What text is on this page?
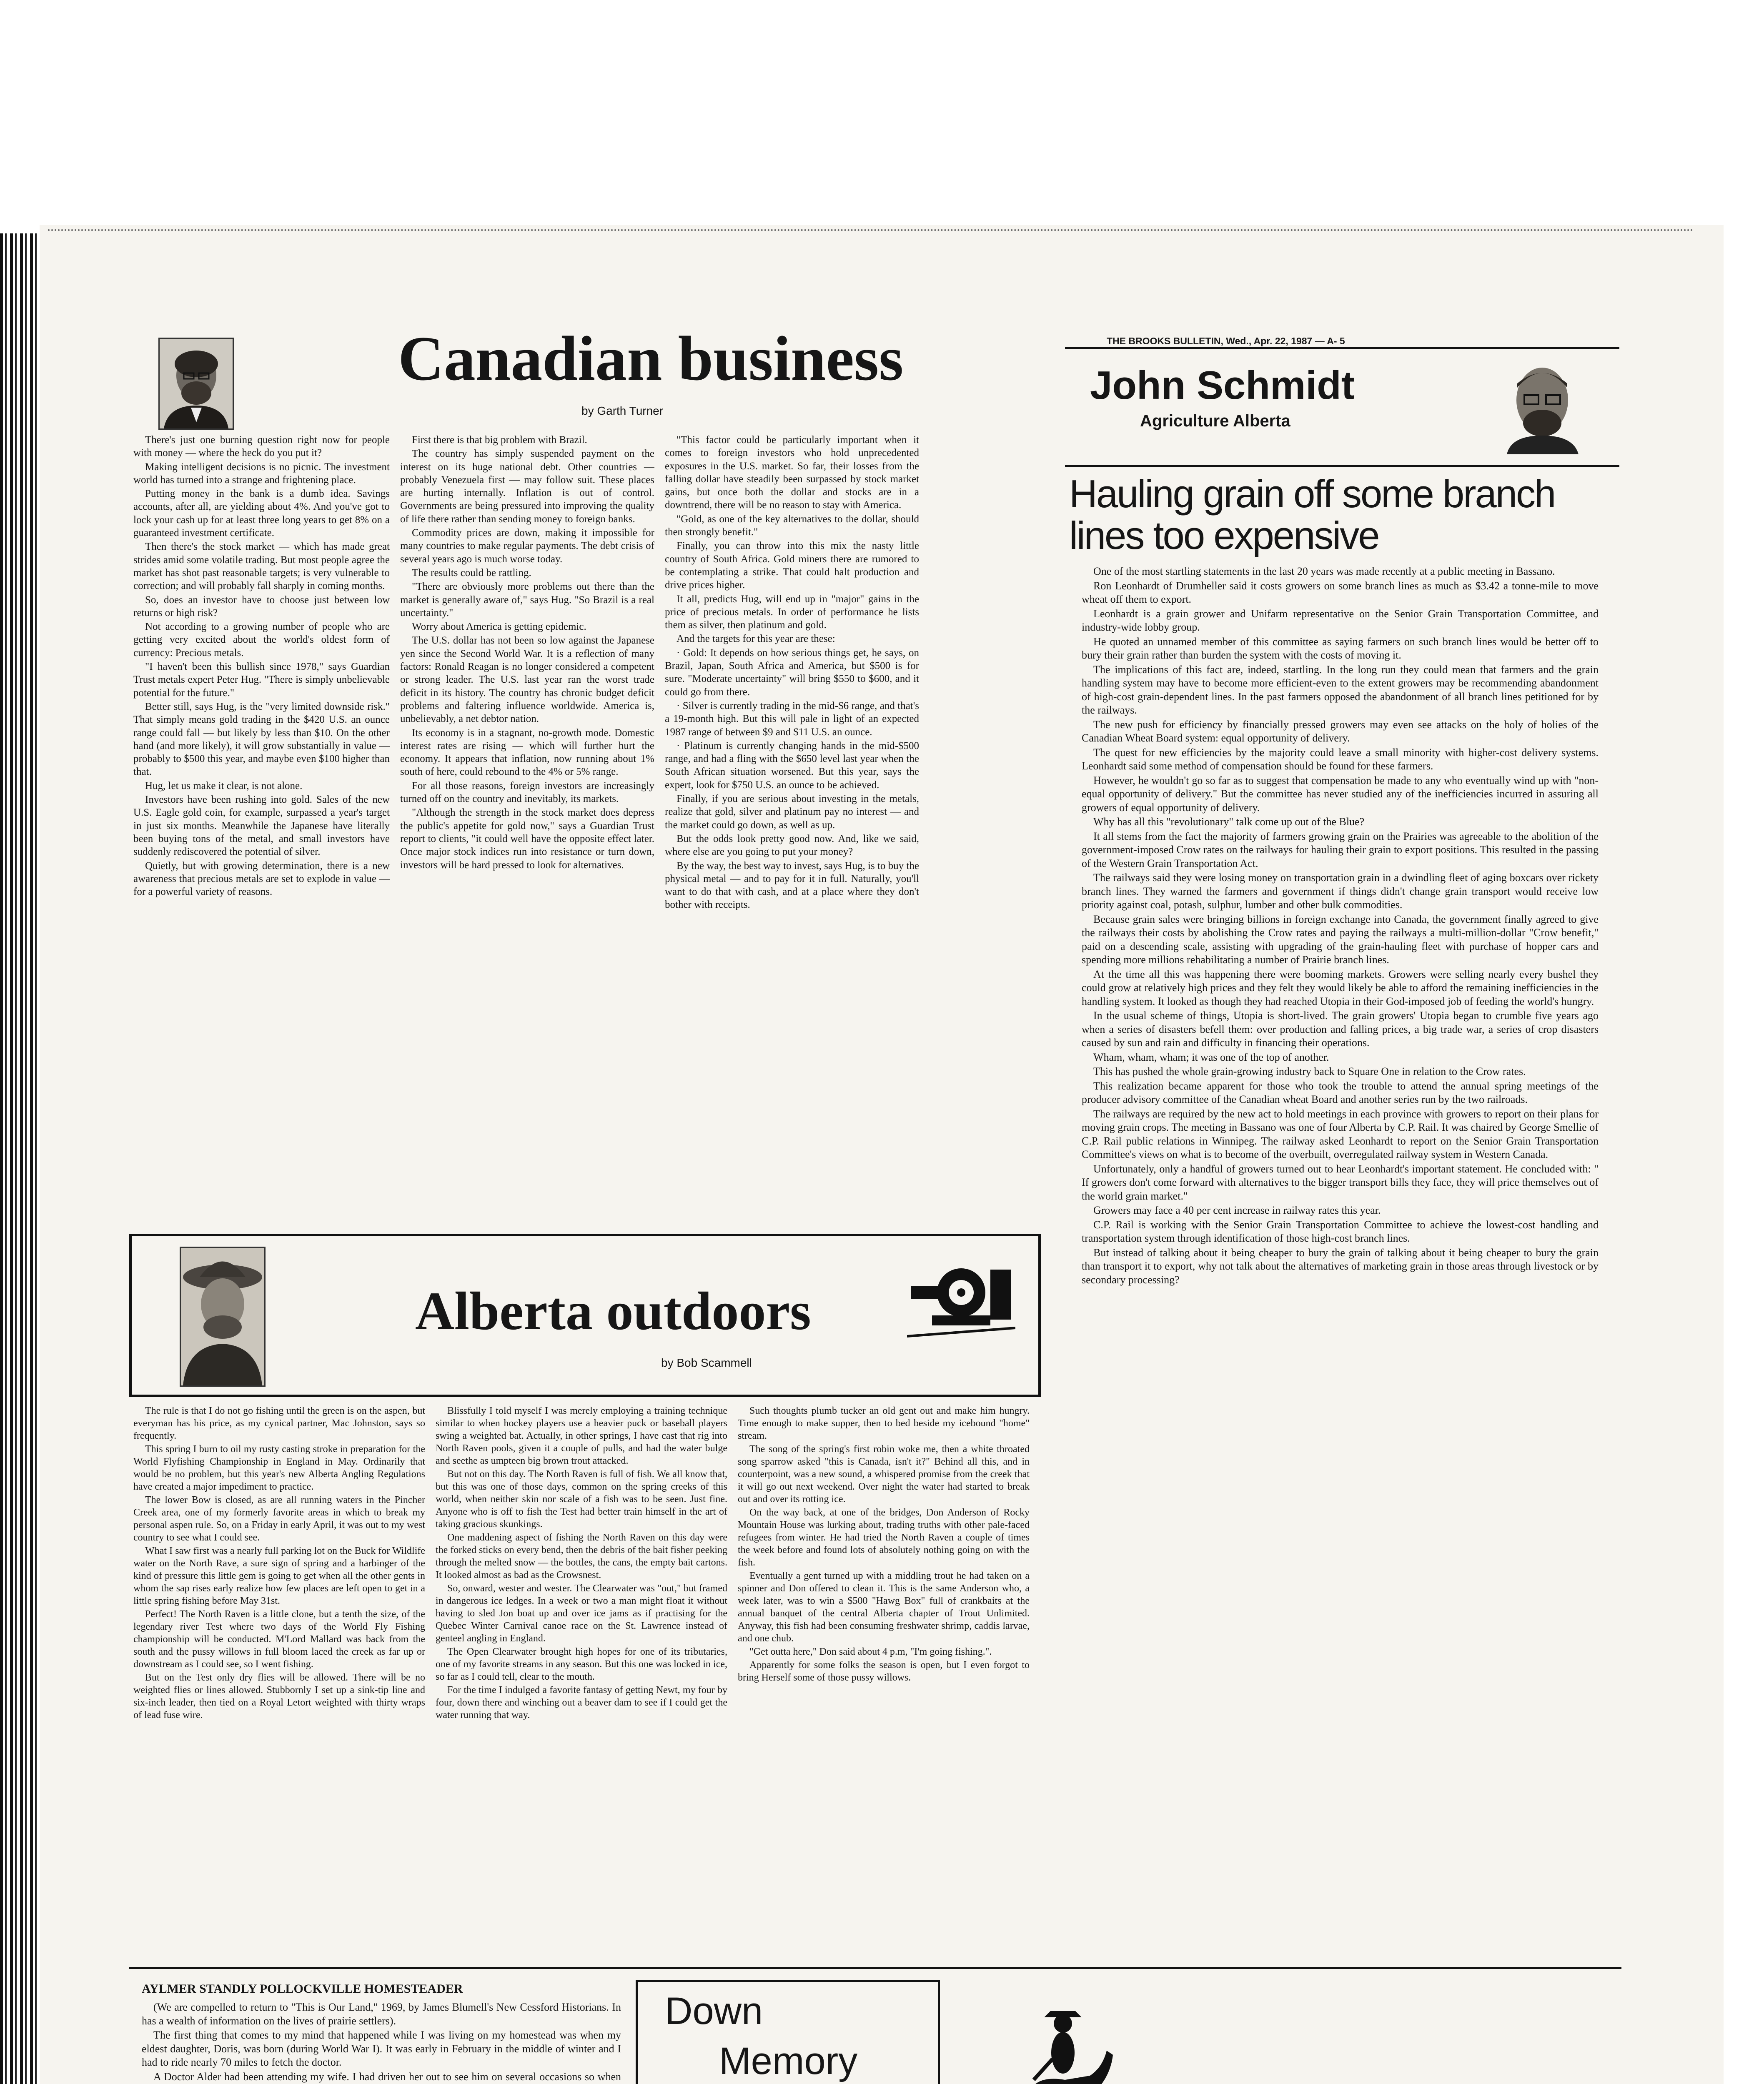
Canadian business
by Garth Turner

There's just one burning question right now for people with money — where the heck do you put it?

Making intelligent decisions is no picnic. The investment world has turned into a strange and frightening place.

Putting money in the bank is a dumb idea. Savings accounts, after all, are yielding about 4%. And you've got to lock your cash up for at least three long years to get 8% on a guaranteed investment certificate.

Then there's the stock market — which has made great strides amid some volatile trading. But most people agree the market has shot past reasonable targets; is very vulnerable to correction; and will probably fall sharply in coming months.

So, does an investor have to choose just between low returns or high risk?

Not according to a growing number of people who are getting very excited about the world's oldest form of currency: Precious metals.

"I haven't been this bullish since 1978," says Guardian Trust metals expert Peter Hug. "There is simply unbelievable potential for the future."

Better still, says Hug, is the "very limited downside risk." That simply means gold trading in the $420 U.S. an ounce range could fall — but likely by less than $10. On the other hand (and more likely), it will grow substantially in value — probably to $500 this year, and maybe even $100 higher than that.

Hug, let us make it clear, is not alone.

Investors have been rushing into gold. Sales of the new U.S. Eagle gold coin, for example, surpassed a year's target in just six months. Meanwhile the Japanese have literally been buying tons of the metal, and small investors have suddenly rediscovered the potential of silver.

Quietly, but with growing determination, there is a new awareness that precious metals are set to explode in value — for a powerful variety of reasons.

First there is that big problem with Brazil.

The country has simply suspended payment on the interest on its huge national debt. Other countries — probably Venezuela first — may follow suit. These places are hurting internally. Inflation is out of control. Governments are being pressured into improving the quality of life there rather than sending money to foreign banks.

Commodity prices are down, making it impossible for many countries to make regular payments. The debt crisis of several years ago is much worse today.

The results could be rattling.

"There are obviously more problems out there than the market is generally aware of," says Hug. "So Brazil is a real uncertainty."

Worry about America is getting epidemic.

The U.S. dollar has not been so low against the Japanese yen since the Second World War. It is a reflection of many factors: Ronald Reagan is no longer considered a competent or strong leader. The U.S. last year ran the worst trade deficit in its history. The country has chronic budget deficit problems and faltering influence worldwide. America is, unbelievably, a net debtor nation.

Its economy is in a stagnant, no-growth mode. Domestic interest rates are rising — which will further hurt the economy. It appears that inflation, now running about 1% south of here, could rebound to the 4% or 5% range.

For all those reasons, foreign investors are increasingly turned off on the country and inevitably, its markets.

"Although the strength in the stock market does depress the public's appetite for gold now," says a Guardian Trust report to clients, "it could well have the opposite effect later. Once major stock indices run into resistance or turn down, investors will be hard pressed to look for alternatives.

"This factor could be particularly important when it comes to foreign investors who hold unprecedented exposures in the U.S. market. So far, their losses from the falling dollar have steadily been surpassed by stock market gains, but once both the dollar and stocks are in a downtrend, there will be no reason to stay with America.

"Gold, as one of the key alternatives to the dollar, should then strongly benefit."

Finally, you can throw into this mix the nasty little country of South Africa. Gold miners there are rumored to be contemplating a strike. That could halt production and drive prices higher.

It all, predicts Hug, will end up in "major" gains in the price of precious metals. In order of performance he lists them as silver, then platinum and gold.

And the targets for this year are these:

· Gold: It depends on how serious things get, he says, on Brazil, Japan, South Africa and America, but $500 is for sure. "Moderate uncertainty" will bring $550 to $600, and it could go from there.

· Silver is currently trading in the mid-$6 range, and that's a 19-month high. But this will pale in light of an expected 1987 range of between $9 and $11 U.S. an ounce.

· Platinum is currently changing hands in the mid-$500 range, and had a fling with the $650 level last year when the South African situation worsened. But this year, says the expert, look for $750 U.S. an ounce to be achieved.

Finally, if you are serious about investing in the metals, realize that gold, silver and platinum pay no interest — and the market could go down, as well as up.

But the odds look pretty good now. And, like we said, where else are you going to put your money?

By the way, the best way to invest, says Hug, is to buy the physical metal — and to pay for it in full. Naturally, you'll want to do that with cash, and at a place where they don't bother with receipts.

THE BROOKS BULLETIN, Wed., Apr. 22, 1987 — A- 5
John Schmidt
Agriculture Alberta
Hauling grain off some branch lines too expensive

One of the most startling statements in the last 20 years was made recently at a public meeting in Bassano.

Ron Leonhardt of Drumheller said it costs growers on some branch lines as much as $3.42 a tonne-mile to move wheat off them to export.

Leonhardt is a grain grower and Unifarm representative on the Senior Grain Transportation Committee, and industry-wide lobby group.

He quoted an unnamed member of this committee as saying farmers on such branch lines would be better off to bury their grain rather than burden the system with the costs of moving it.

The implications of this fact are, indeed, startling. In the long run they could mean that farmers and the grain handling system may have to become more efficient-even to the extent growers may be recommending abandonment of high-cost grain-dependent lines. In the past farmers opposed the abandonment of all branch lines petitioned for by the railways.

The new push for efficiency by financially pressed growers may even see attacks on the holy of holies of the Canadian Wheat Board system: equal opportunity of delivery.

The quest for new efficiencies by the majority could leave a small minority with higher-cost delivery systems. Leonhardt said some method of compensation should be found for these farmers.

However, he wouldn't go so far as to suggest that compensation be made to any who eventually wind up with "non-equal opportunity of delivery." But the committee has never studied any of the inefficiencies incurred in assuring all growers of equal opportunity of delivery.

Why has all this "revolutionary" talk come up out of the Blue?

It all stems from the fact the majority of farmers growing grain on the Prairies was agreeable to the abolition of the government-imposed Crow rates on the railways for hauling their grain to export positions. This resulted in the passing of the Western Grain Transportation Act.

The railways said they were losing money on transportation grain in a dwindling fleet of aging boxcars over rickety branch lines. They warned the farmers and government if things didn't change grain transport would receive low priority against coal, potash, sulphur, lumber and other bulk commodities.

Because grain sales were bringing billions in foreign exchange into Canada, the government finally agreed to give the railways their costs by abolishing the Crow rates and paying the railways a multi-million-dollar "Crow benefit," paid on a descending scale, assisting with upgrading of the grain-hauling fleet with purchase of hopper cars and spending more millions rehabilitating a number of Prairie branch lines.

At the time all this was happening there were booming markets. Growers were selling nearly every bushel they could grow at relatively high prices and they felt they would likely be able to afford the remaining inefficiencies in the handling system. It looked as though they had reached Utopia in their God-imposed job of feeding the world's hungry.

In the usual scheme of things, Utopia is short-lived. The grain growers' Utopia began to crumble five years ago when a series of disasters befell them: over production and falling prices, a big trade war, a series of crop disasters caused by sun and rain and difficulty in financing their operations.

Wham, wham, wham; it was one of the top of another.

This has pushed the whole grain-growing industry back to Square One in relation to the Crow rates.

This realization became apparent for those who took the trouble to attend the annual spring meetings of the producer advisory committee of the Canadian wheat Board and another series run by the two railroads.

The railways are required by the new act to hold meetings in each province with growers to report on their plans for moving grain crops. The meeting in Bassano was one of four Alberta by C.P. Rail. It was chaired by George Smellie of C.P. Rail public relations in Winnipeg. The railway asked Leonhardt to report on the Senior Grain Transportation Committee's views on what is to become of the overbuilt, overregulated railway system in Western Canada.

Unfortunately, only a handful of growers turned out to hear Leonhardt's important statement. He concluded with: " If growers don't come forward with alternatives to the bigger transport bills they face, they will price themselves out of the world grain market."

Growers may face a 40 per cent increase in railway rates this year.

C.P. Rail is working with the Senior Grain Transportation Committee to achieve the lowest-cost handling and transportation system through identification of those high-cost branch lines.

But instead of talking about it being cheaper to bury the grain of talking about it being cheaper to bury the grain than transport it to export, why not talk about the alternatives of marketing grain in those areas through livestock or by secondary processing?

Alberta outdoors
by Bob Scammell

The rule is that I do not go fishing until the green is on the aspen, but everyman has his price, as my cynical partner, Mac Johnston, says so frequently.

This spring I burn to oil my rusty casting stroke in preparation for the World Flyfishing Championship in England in May. Ordinarily that would be no problem, but this year's new Alberta Angling Regulations have created a major impediment to practice.

The lower Bow is closed, as are all running waters in the Pincher Creek area, one of my formerly favorite areas in which to break my personal aspen rule. So, on a Friday in early April, it was out to my west country to see what I could see.

What I saw first was a nearly full parking lot on the Buck for Wildlife water on the North Rave, a sure sign of spring and a harbinger of the kind of pressure this little gem is going to get when all the other gents in whom the sap rises early realize how few places are left open to get in a little spring fishing before May 31st.

Perfect! The North Raven is a little clone, but a tenth the size, of the legendary river Test where two days of the World Fly Fishing championship will be conducted. M'Lord Mallard was back from the south and the pussy willows in full bloom laced the creek as far up or downstream as I could see, so I went fishing.

But on the Test only dry flies will be allowed. There will be no weighted flies or lines allowed. Stubbornly I set up a sink-tip line and six-inch leader, then tied on a Royal Letort weighted with thirty wraps of lead fuse wire.

Blissfully I told myself I was merely employing a training technique similar to when hockey players use a heavier puck or baseball players swing a weighted bat. Actually, in other springs, I have cast that rig into North Raven pools, given it a couple of pulls, and had the water bulge and seethe as umpteen big brown trout attacked.

But not on this day. The North Raven is full of fish. We all know that, but this was one of those days, common on the spring creeks of this world, when neither skin nor scale of a fish was to be seen. Just fine. Anyone who is off to fish the Test had better train himself in the art of taking gracious skunkings.

One maddening aspect of fishing the North Raven on this day were the forked sticks on every bend, then the debris of the bait fisher peeking through the melted snow — the bottles, the cans, the empty bait cartons. It looked almost as bad as the Crowsnest.

So, onward, wester and wester. The Clearwater was "out," but framed in dangerous ice ledges. In a week or two a man might float it without having to sled Jon boat up and over ice jams as if practising for the Quebec Winter Carnival canoe race on the St. Lawrence instead of genteel angling in England.

The Open Clearwater brought high hopes for one of its tributaries, one of my favorite streams in any season. But this one was locked in ice, so far as I could tell, clear to the mouth.

For the time I indulged a favorite fantasy of getting Newt, my four by four, down there and winching out a beaver dam to see if I could get the water running that way.

Such thoughts plumb tucker an old gent out and make him hungry. Time enough to make supper, then to bed beside my icebound "home" stream.

The song of the spring's first robin woke me, then a white throated song sparrow asked "this is Canada, isn't it?" Behind all this, and in counterpoint, was a new sound, a whispered promise from the creek that it will go out next weekend. Over night the water had started to break out and over its rotting ice.

On the way back, at one of the bridges, Don Anderson of Rocky Mountain House was lurking about, trading truths with other pale-faced refugees from winter. He had tried the North Raven a couple of times the week before and found lots of absolutely nothing going on with the fish.

Eventually a gent turned up with a middling trout he had taken on a spinner and Don offered to clean it. This is the same Anderson who, a week later, was to win a $500 "Hawg Box" full of crankbaits at the annual banquet of the central Alberta chapter of Trout Unlimited. Anyway, this fish had been consuming freshwater shrimp, caddis larvae, and one chub.

"Get outta here," Don said about 4 p.m, "I'm going fishing.".

Apparently for some folks the season is open, but I even forgot to bring Herself some of those pussy willows.

AYLMER STANDLY POLLOCKVILLE HOMESTEADER

(We are compelled to return to "This is Our Land," 1969, by James Blumell's New Cessford Historians. In has a wealth of information on the lives of prairie settlers).

The first thing that comes to my mind that happened while I was living on my homestead was when my eldest daughter, Doris, was born (during World War I). It was early in February in the middle of winter and I had to ride nearly 70 miles to fetch the doctor.

A Doctor Alder had been attending my wife. I had driven her out to see him on several occasions so when

Down
Memory
